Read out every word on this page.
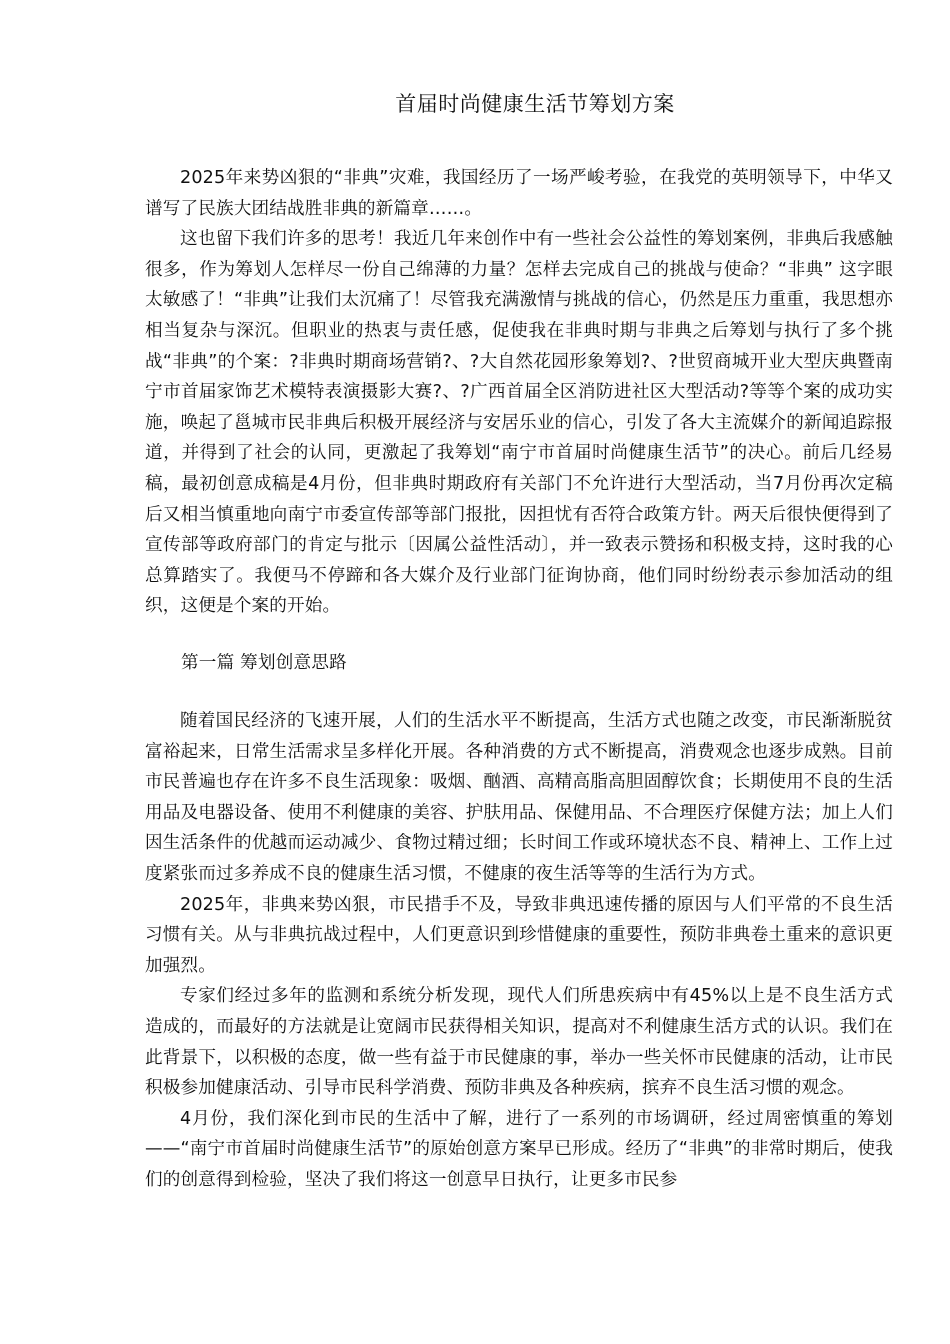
首届时尚健康生活节筹划方案

2025年来势凶狠的“非典”灾难，我国经历了一场严峻考验，在我党的英明领导下，中华又谱写了民族大团结战胜非典的新篇章……。

这也留下我们许多的思考！我近几年来创作中有一些社会公益性的筹划案例，非典后我感触很多，作为筹划人怎样尽一份自己绵薄的力量？怎样去完成自己的挑战与使命？“非典” 这字眼太敏感了！“非典”让我们太沉痛了！尽管我充满激情与挑战的信心，仍然是压力重重，我思想亦相当复杂与深沉。但职业的热衷与责任感，促使我在非典时期与非典之后筹划与执行了多个挑战“非典”的个案：?非典时期商场营销?、?大自然花园形象筹划?、?世贸商城开业大型庆典暨南宁市首届家饰艺术模特表演摄影大赛?、?广西首届全区消防进社区大型活动?等等个案的成功实施，唤起了邕城市民非典后积极开展经济与安居乐业的信心，引发了各大主流媒介的新闻追踪报道，并得到了社会的认同，更激起了我筹划“南宁市首届时尚健康生活节”的决心。前后几经易稿，最初创意成稿是4月份，但非典时期政府有关部门不允许进行大型活动，当7月份再次定稿后又相当慎重地向南宁市委宣传部等部门报批，因担忧有否符合政策方针。两天后很快便得到了宣传部等政府部门的肯定与批示〔因属公益性活动〕，并一致表示赞扬和积极支持，这时我的心总算踏实了。我便马不停蹄和各大媒介及行业部门征询协商，他们同时纷纷表示参加活动的组织，这便是个案的开始。

第一篇 筹划创意思路

随着国民经济的飞速开展，人们的生活水平不断提高，生活方式也随之改变，市民渐渐脱贫富裕起来，日常生活需求呈多样化开展。各种消费的方式不断提高，消费观念也逐步成熟。目前市民普遍也存在许多不良生活现象：吸烟、酗酒、高精高脂高胆固醇饮食；长期使用不良的生活用品及电器设备、使用不利健康的美容、护肤用品、保健用品、不合理医疗保健方法；加上人们因生活条件的优越而运动减少、食物过精过细；长时间工作或环境状态不良、精神上、工作上过度紧张而过多养成不良的健康生活习惯，不健康的夜生活等等的生活行为方式。

2025年，非典来势凶狠，市民措手不及，导致非典迅速传播的原因与人们平常的不良生活习惯有关。从与非典抗战过程中，人们更意识到珍惜健康的重要性，预防非典卷土重来的意识更加强烈。

专家们经过多年的监测和系统分析发现，现代人们所患疾病中有45%以上是不良生活方式造成的，而最好的方法就是让宽阔市民获得相关知识，提高对不利健康生活方式的认识。我们在此背景下，以积极的态度，做一些有益于市民健康的事，举办一些关怀市民健康的活动，让市民积极参加健康活动、引导市民科学消费、预防非典及各种疾病，摈弃不良生活习惯的观念。

4月份，我们深化到市民的生活中了解，进行了一系列的市场调研，经过周密慎重的筹划——“南宁市首届时尚健康生活节”的原始创意方案早已形成。经历了“非典”的非常时期后，使我们的创意得到检验，坚决了我们将这一创意早日执行，让更多市民参
